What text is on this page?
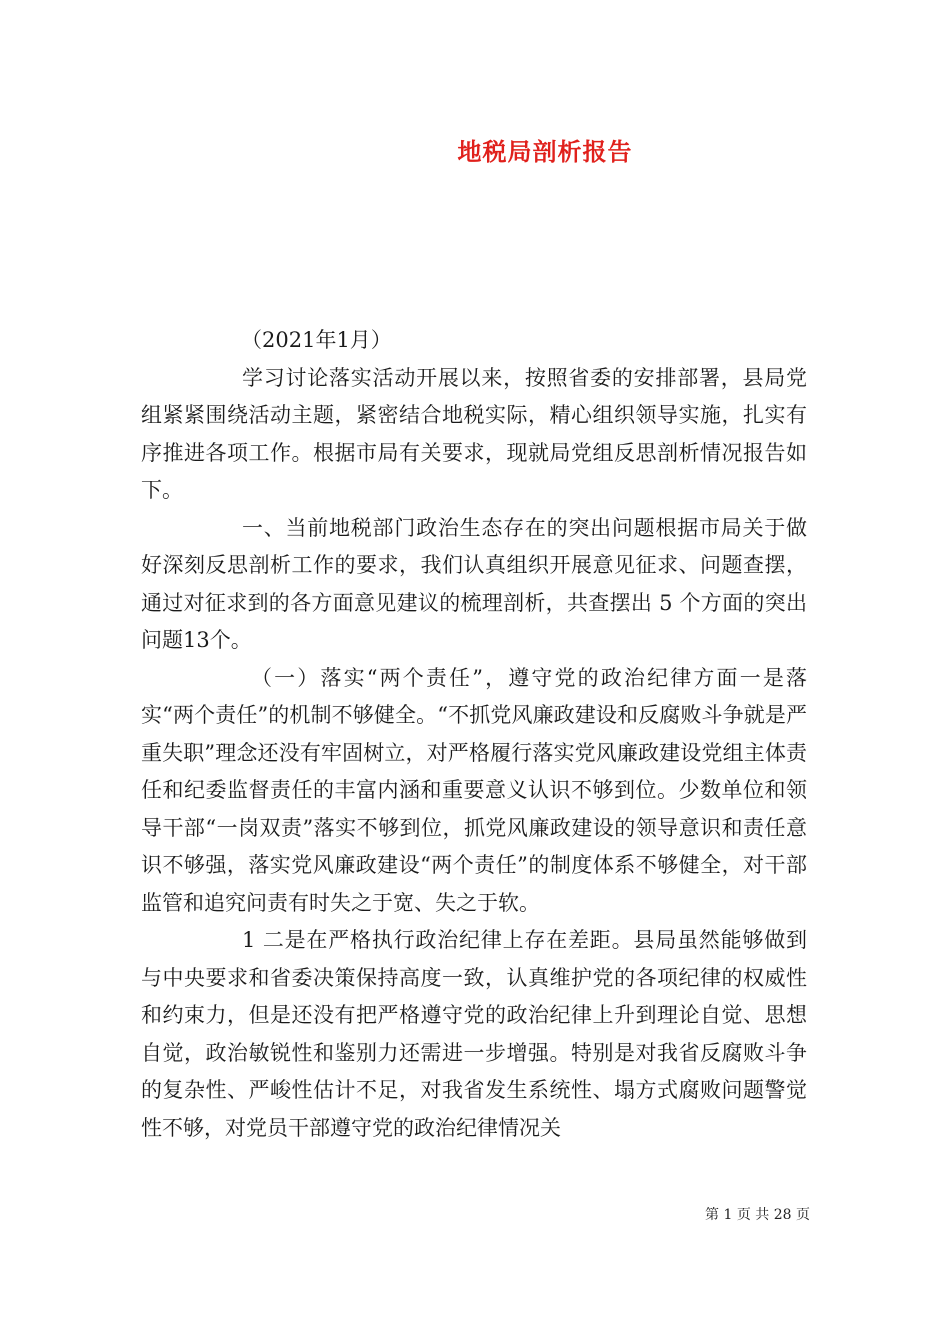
地税局剖析报告

（2021年1月）

学习讨论落实活动开展以来，按照省委的安排部署，县局党组紧紧围绕活动主题，紧密结合地税实际，精心组织领导实施，扎实有序推进各项工作。根据市局有关要求，现就局党组反思剖析情况报告如下。

一、当前地税部门政治生态存在的突出问题根据市局关于做好深刻反思剖析工作的要求，我们认真组织开展意见征求、问题查摆，通过对征求到的各方面意见建议的梳理剖析，共查摆出 5 个方面的突出问题13个。

（一）落实“两个责任”，遵守党的政治纪律方面一是落实“两个责任”的机制不够健全。“不抓党风廉政建设和反腐败斗争就是严重失职”理念还没有牢固树立，对严格履行落实党风廉政建设党组主体责任和纪委监督责任的丰富内涵和重要意义认识不够到位。少数单位和领导干部“一岗双责”落实不够到位，抓党风廉政建设的领导意识和责任意识不够强，落实党风廉政建设“两个责任”的制度体系不够健全，对干部监管和追究问责有时失之于宽、失之于软。

1 二是在严格执行政治纪律上存在差距。县局虽然能够做到与中央要求和省委决策保持高度一致，认真维护党的各项纪律的权威性和约束力，但是还没有把严格遵守党的政治纪律上升到理论自觉、思想自觉，政治敏锐性和鉴别力还需进一步增强。特别是对我省反腐败斗争的复杂性、严峻性估计不足，对我省发生系统性、塌方式腐败问题警觉性不够，对党员干部遵守党的政治纪律情况关

第 1 页 共 28 页
